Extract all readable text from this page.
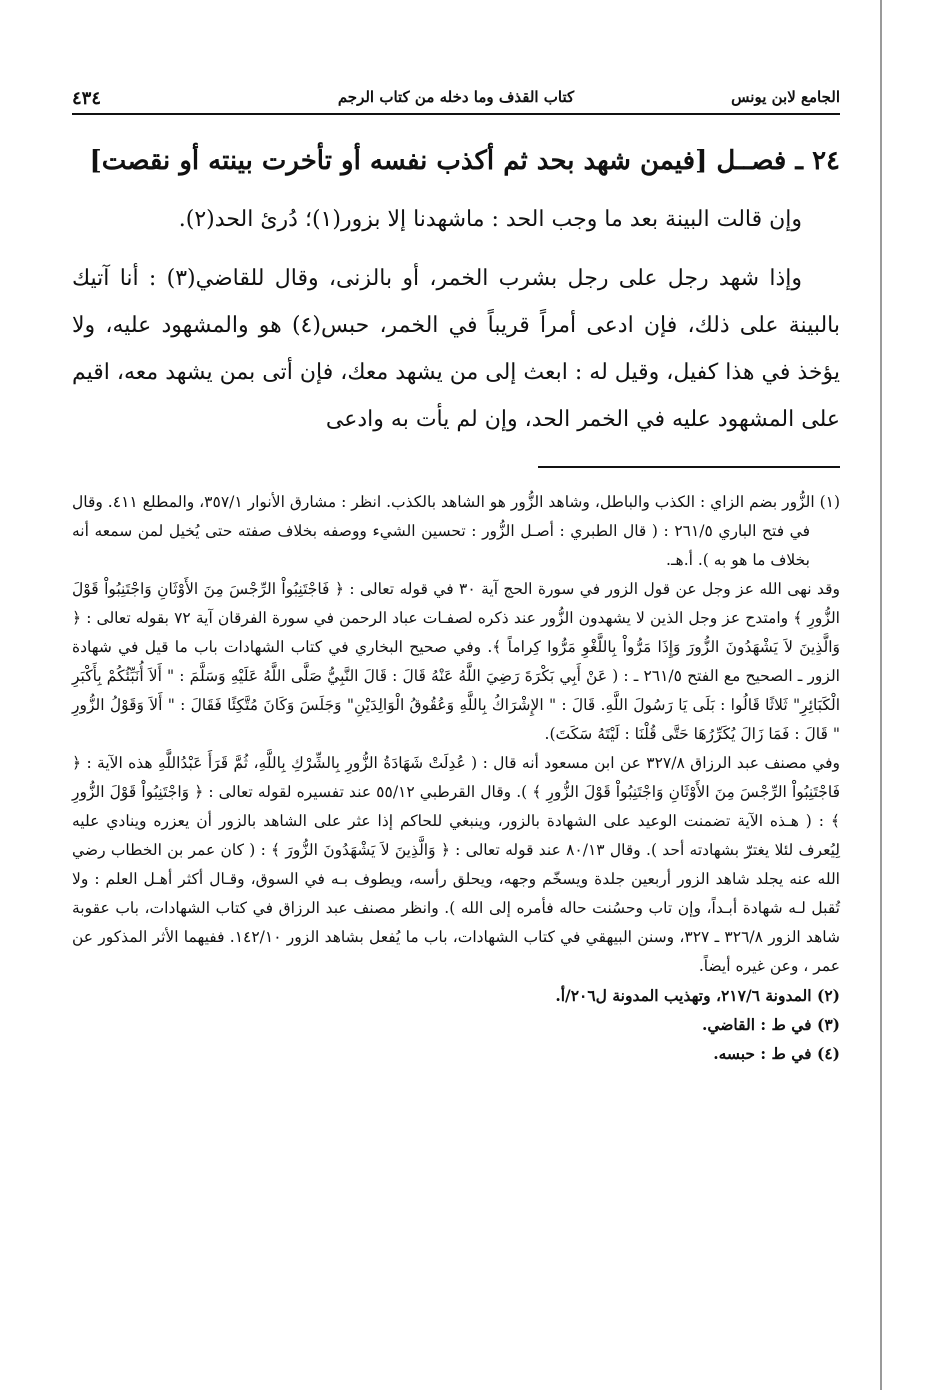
الجامع لابن يونس
كتاب القذف وما دخله من كتاب الرجم
٤٣٤
٢٤ ـ فصــل [فيمن شهد بحد ثم أكذب نفسه أو تأخرت بينته أو نقصت]

وإن قالت البينة بعد ما وجب الحد : ماشهدنا إلا بزور(١)؛ دُرئ الحد(٢).

وإذا شهد رجل على رجل بشرب الخمر، أو بالزنى، وقال للقاضي(٣) : أنا آتيك بالبينة على ذلك، فإن ادعى أمراً قريباً في الخمر، حبس(٤) هو والمشهود عليه، ولا يؤخذ في هذا كفيل، وقيل له : ابعث إلى من يشهد معك، فإن أتى بمن يشهد معه، اقيم على المشهود عليه في الخمر الحد، وإن لم يأت به وادعى

(١) الزُّور بضم الزاي : الكذب والباطل، وشاهد الزُّور هو الشاهد بالكذب. انظر : مشارق الأنوار ٣٥٧/١، والمطلع ٤١١. وقال في فتح الباري ٢٦١/٥ : ( قال الطبري : أصـل الزُّور : تحسين الشيء ووصفه بخلاف صفته حتى يُخيل لمن سمعه أنه بخلاف ما هو به ). أ.هـ.

وقد نهى الله عز وجل عن قول الزور في سورة الحج آية ٣٠ في قوله تعالى : ﴿ فَاجْتَنِبُواْ الرِّجْسَ مِنَ الأَوْثَانِ وَاجْتَنِبُواْ قَوْلَ الزُّورِ ﴾ وامتدح عز وجل الذين لا يشهدون الزُّور عند ذكره لصفـات عباد الرحمن في سورة الفرقان آية ٧٢ بقوله تعالى : ﴿ وَالَّذِينَ لاَ يَشْهَدُونَ الزُّورَ وَإِذَا مَرُّواْ بِاللَّغْوِ مَرُّوا كِراماً ﴾. وفي صحيح البخاري في كتاب الشهادات باب ما قيل في شهادة الزور ـ الصحيح مع الفتح ٢٦١/٥ ـ : ( عَنْ أَبِي بَكْرَةَ رَضِيَ اللَّهُ عَنْهُ قَالَ : قَالَ النَّبِيُّ صَلَّى اللَّهُ عَلَيْهِ وَسَلَّمَ : " أَلاَ أُنَبِّئُكُمْ بِأَكْبَرِ الْكَبَائِرِ" ثَلاثًا قَالُوا : بَلَى يَا رَسُولَ اللَّهِ. قَالَ : " الإِشْرَاكُ بِاللَّهِ وَعُقُوقُ الْوَالِدَيْنِ" وَجَلَسَ وَكَانَ مُتَّكِئًا فَقَالَ : " أَلاَ وَقَوْلُ الزُّورِ " قَالَ : فَمَا زَالَ يُكَرِّرُهَا حَتَّى قُلْنَا : لَيْتَهُ سَكَتَ).

وفي مصنف عبد الرزاق ٣٢٧/٨ عن ابن مسعود أنه قال : ( عُدِلَتْ شَهَادَةُ الزُّورِ بِالشِّرْكِ بِاللَّهِ، ثُمَّ قَرَأَ عَبْدُاللَّهِ هذه الآية : ﴿ فَاجْتَنِبُواْ الرِّجْسَ مِنَ الأَوْثَانِ وَاجْتَنِبُواْ قَوْلَ الزُّورِ ﴾ ). وقال القرطبي ٥٥/١٢ عند تفسيره لقوله تعالى : ﴿ وَاجْتَنِبُواْ قَوْلَ الزُّورِ ﴾ : ( هـذه الآية تضمنت الوعيد على الشهادة بالزور، وينبغي للحاكم إذا عثر على الشاهد بالزور أن يعزره وينادي عليه لِيُعرف لئلا يغترّ بشهادته أحد ). وقال ٨٠/١٣ عند قوله تعالى : ﴿ وَالَّذِينَ لاَ يَشْهَدُونَ الزُّورَ ﴾ : ( كان عمر بن الخطاب رضي الله عنه يجلد شاهد الزور أربعين جلدة ويسخّم وجهه، ويحلق رأسه، ويطوف بـه في السوق، وقـال أكثر أهـل العلم : ولا تُقبل لـه شهادة أبـداً، وإن تاب وحسُنت حاله فأمره إلى الله ). وانظر مصنف عبد الرزاق في كتاب الشهادات، باب عقوبة شاهد الزور ٣٢٦/٨ ـ ٣٢٧، وسنن البيهقي في كتاب الشهادات، باب ما يُفعل بشاهد الزور ١٤٢/١٠. ففيهما الأثر المذكور عن عمر ، وعن غيره أيضاً.

(٢) المدونة ٢١٧/٦، وتهذيب المدونة ل٢٠٦/أ.

(٣) في ط : القاضي.

(٤) في ط : حبسه.
